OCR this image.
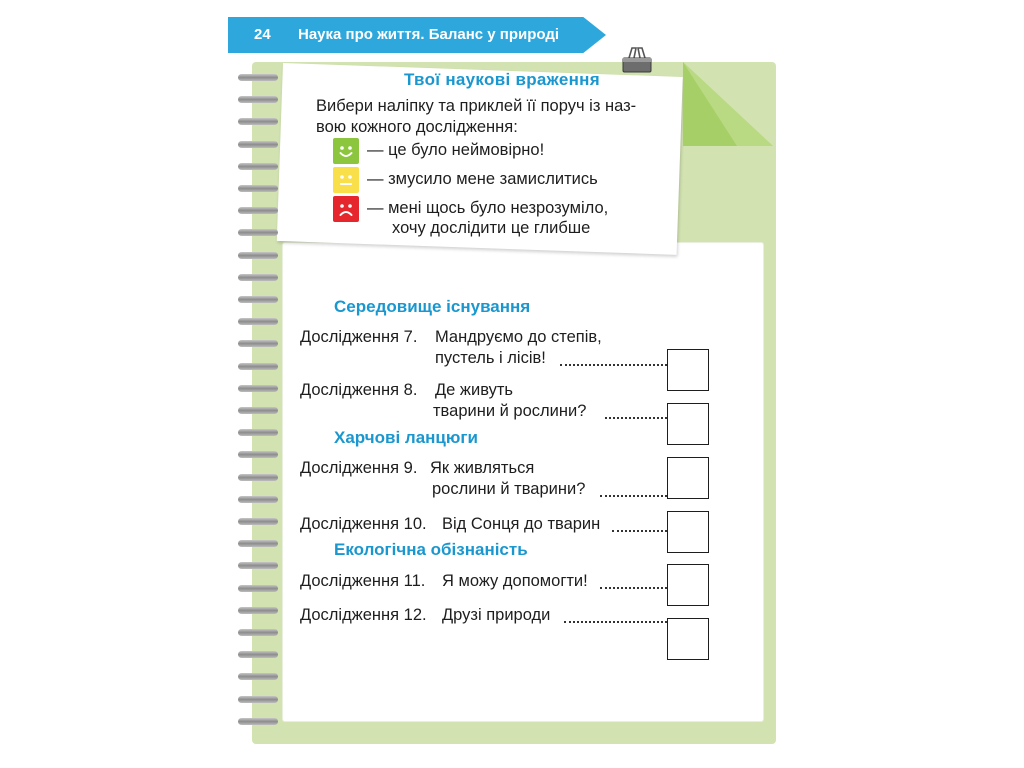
24 Наука про життя. Баланс у природі
Твої наукові враження
Вибери наліпку та приклей її поруч із наз-
вою кожного дослідження:
— це було неймовірно!
— змусило мене замислитись
— мені щось було незрозуміло,
хочу дослідити це глибше
Середовище існування
Дослідження 7. Мандруємо до степів,
пустель і лісів!
Дослідження 8. Де живуть
тварини й рослини?
Харчові ланцюги
Дослідження 9. Як живляться
рослини й тварини?
Дослідження 10. Від Сонця до тварин
Екологічна обізнаність
Дослідження 11. Я можу допомогти!
Дослідження 12. Друзі природи
